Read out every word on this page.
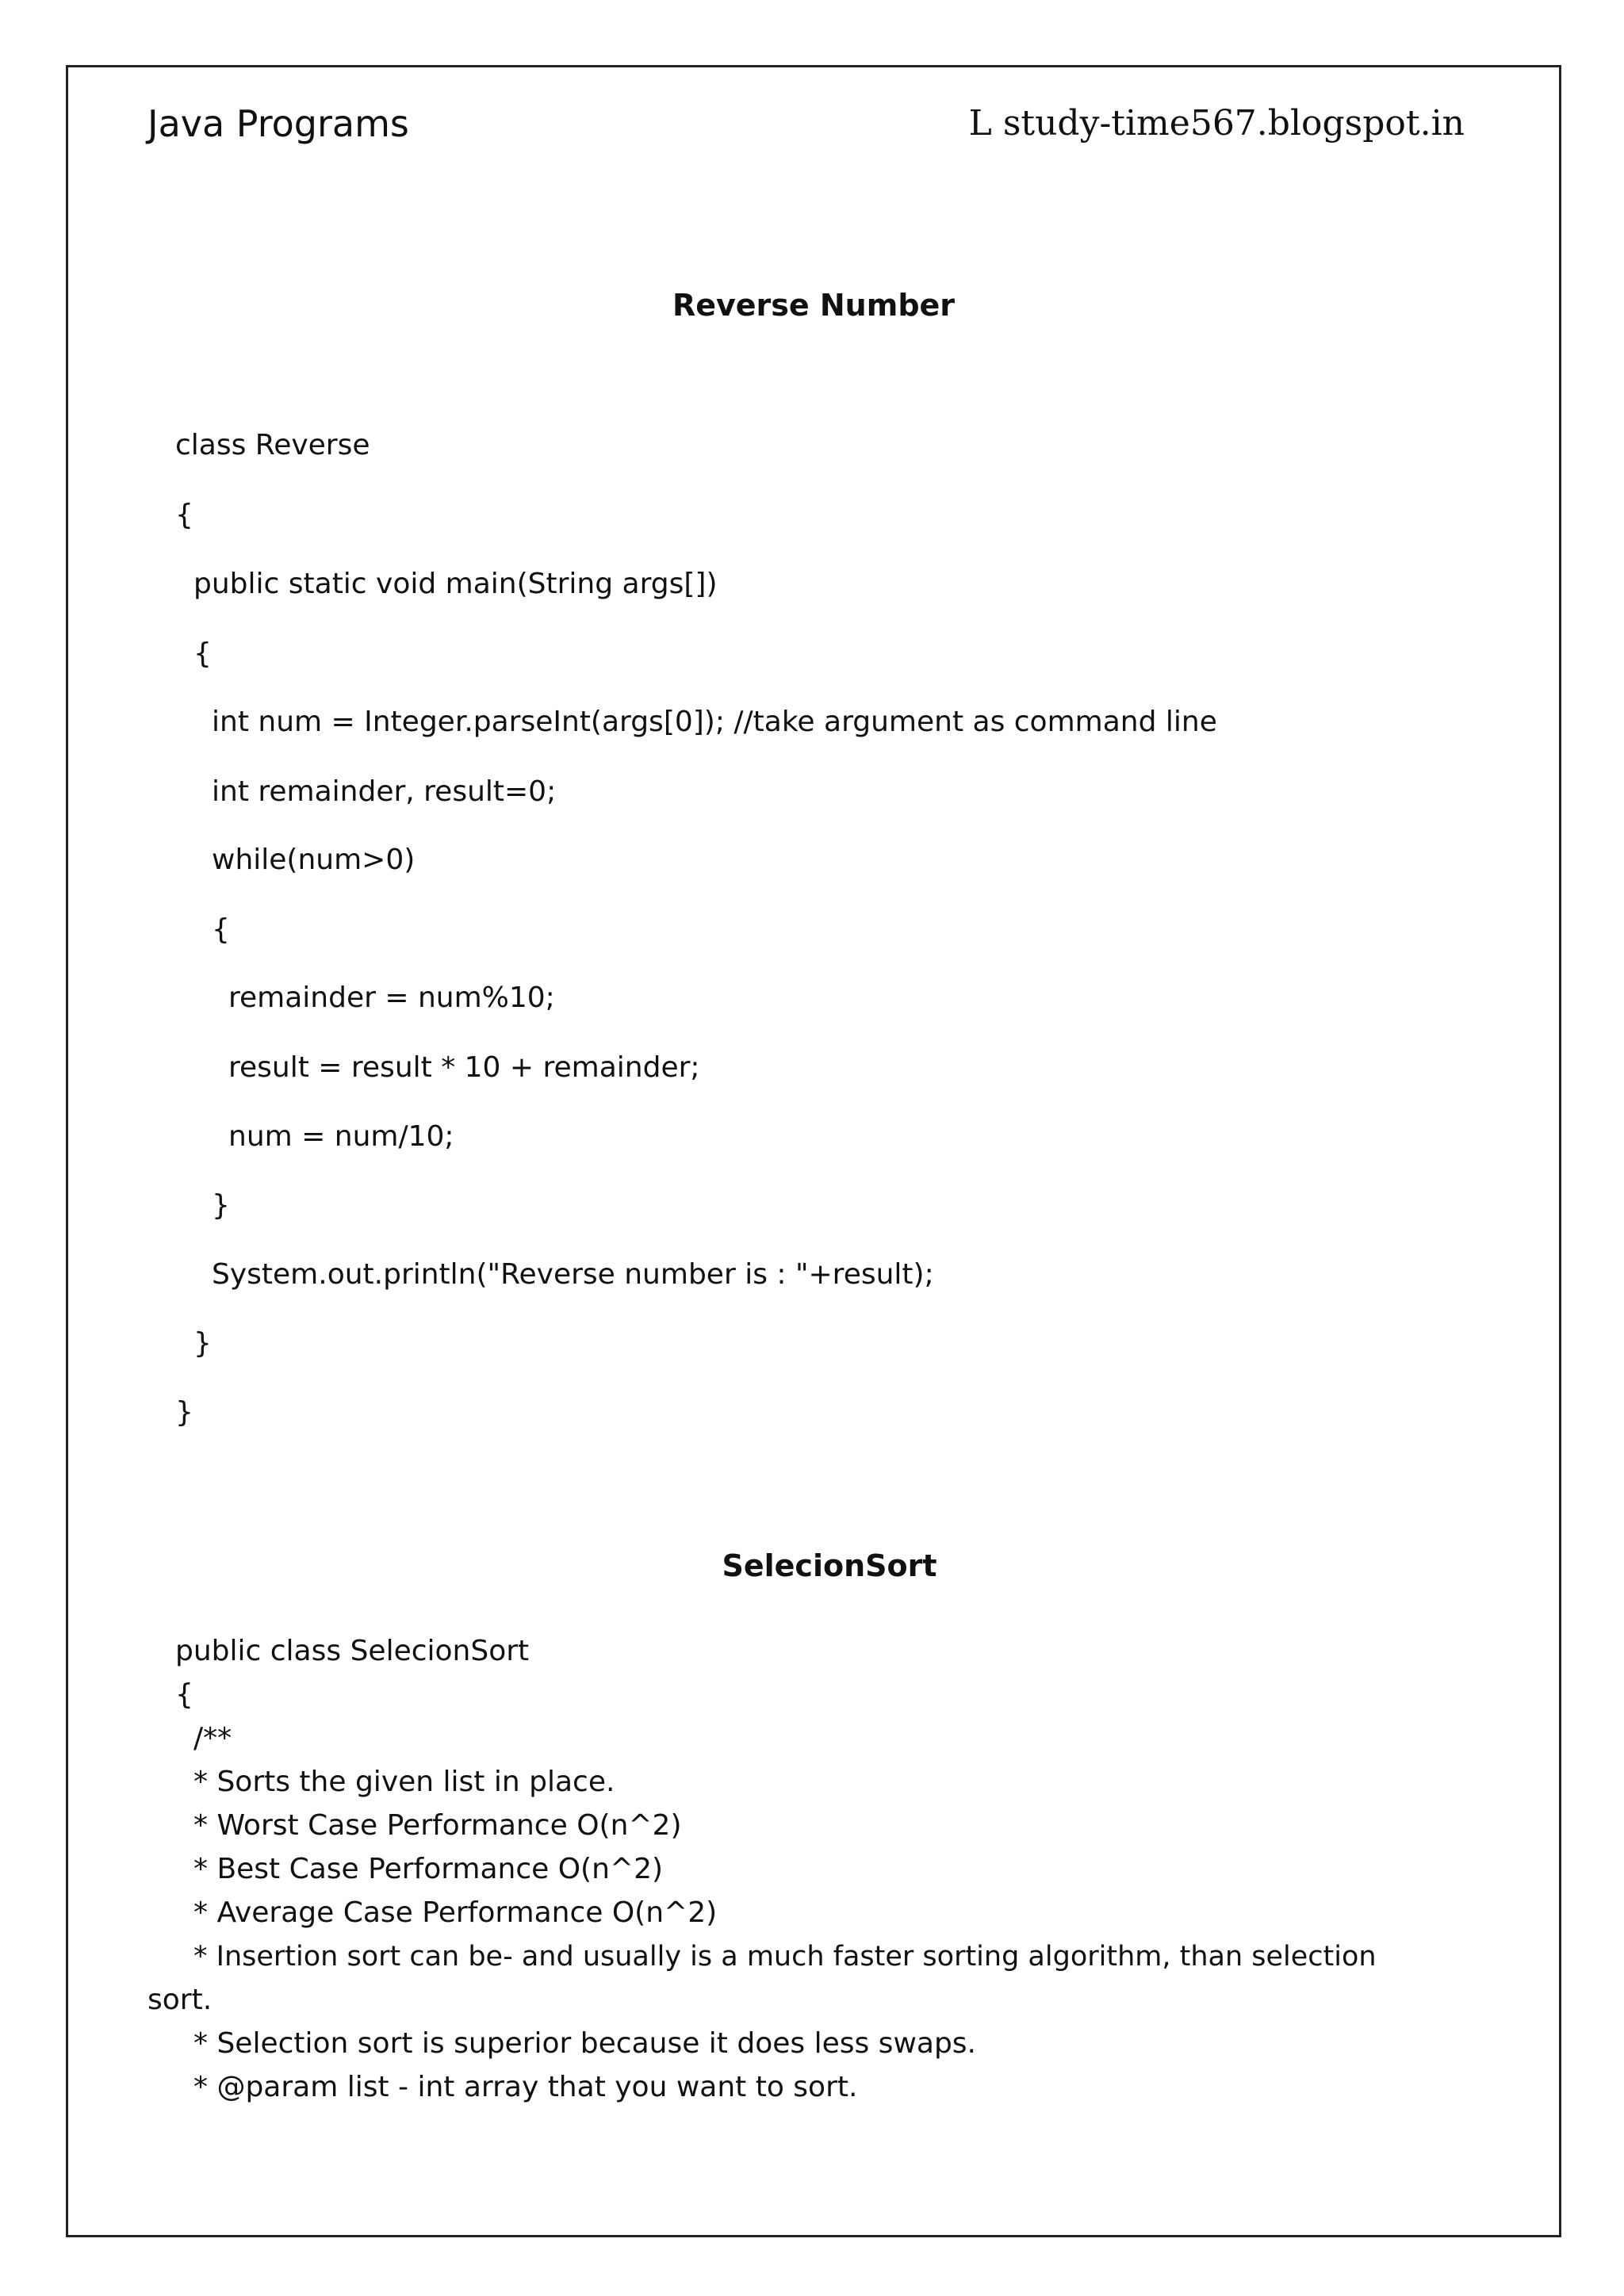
Java Programs	L study-time567.blogspot.in
Reverse Number
class Reverse
{
public static void main(String args[])
{
int num = Integer.parseInt(args[0]); //take argument as command line
int remainder, result=0;
while(num>0)
{
remainder = num%10;
result = result * 10 + remainder;
num = num/10;
}
System.out.println("Reverse number is : "+result);
}
}
SelecionSort
public class SelecionSort
{
/**
* Sorts the given list in place.
* Worst Case Performance O(n^2)
* Best Case Performance O(n^2)
* Average Case Performance O(n^2)
* Insertion sort can be- and usually is a much faster sorting algorithm, than selection
sort.
* Selection sort is superior because it does less swaps.
* @param list - int array that you want to sort.
